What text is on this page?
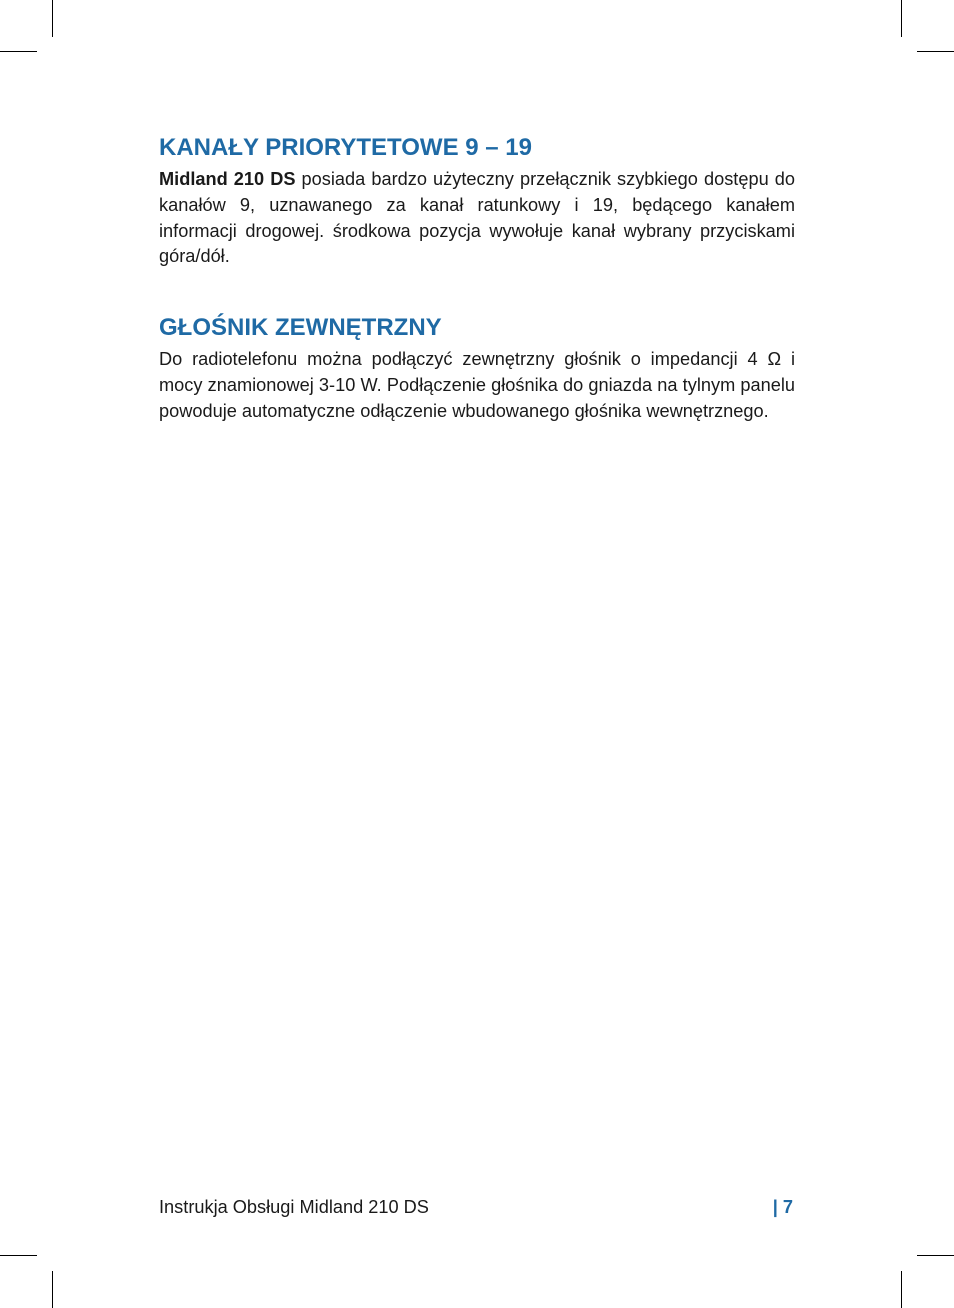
KANAŁY PRIORYTETOWE 9 – 19

Midland 210 DS posiada bardzo użyteczny przełącznik szybkiego dostępu do kanałów 9, uznawanego za kanał ratunkowy i 19, będącego kanałem informacji drogowej. środkowa pozycja wywołuje kanał wybrany przyciskami góra/dół.

GŁOŚNIK ZEWNĘTRZNY

Do radiotelefonu można podłączyć zewnętrzny głośnik o impedancji 4 Ω i mocy znamionowej 3-10 W. Podłączenie głośnika do gniazda na tylnym panelu powoduje automatyczne odłączenie wbudowanego głośnika wewnętrznego.

Instrukja Obsługi Midland 210 DS	| 7
